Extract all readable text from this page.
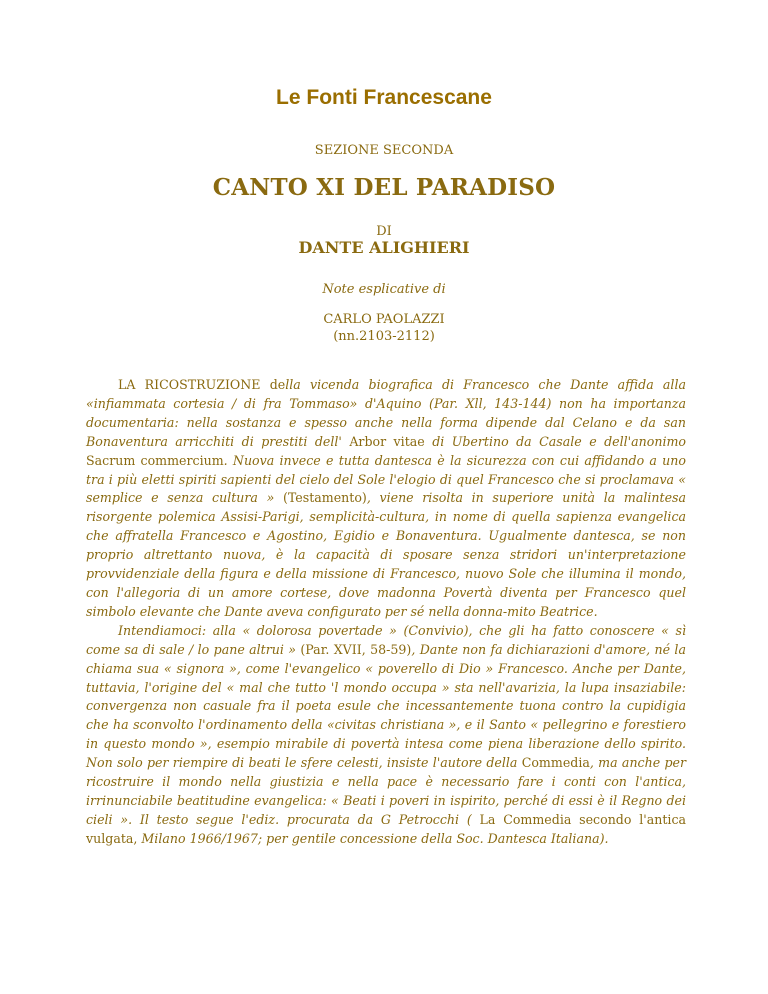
Le Fonti Francescane
SEZIONE SECONDA
CANTO XI DEL PARADISO
DI
DANTE ALIGHIERI
Note esplicative di
CARLO PAOLAZZI
(nn.2103-2112)

LA RICOSTRUZIONE della vicenda biografica di Francesco che Dante affida alla «infiammata cortesia / di fra Tommaso» d'Aquino (Par. Xll, 143-144) non ha importanza documentaria: nella sostanza e spesso anche nella forma dipende dal Celano e da san Bonaventura arricchiti di prestiti dell' Arbor vitae di Ubertino da Casale e dell'anonimo Sacrum commercium. Nuova invece e tutta dantesca è la sicurezza con cui affidando a uno tra i più eletti spiriti sapienti del cielo del Sole l'elogio di quel Francesco che si proclamava « semplice e senza cultura » (Testamento), viene risolta in superiore unità la malintesa risorgente polemica Assisi-Parigi, semplicità-cultura, in nome di quella sapienza evangelica che affratella Francesco e Agostino, Egidio e Bonaventura. Ugualmente dantesca, se non proprio altrettanto nuova, è la capacità di sposare senza stridori un'interpretazione provvidenziale della figura e della missione di Francesco, nuovo Sole che illumina il mondo, con l'allegoria di un amore cortese, dove madonna Povertà diventa per Francesco quel simbolo elevante che Dante aveva configurato per sé nella donna-mito Beatrice.

Intendiamoci: alla « dolorosa povertade » (Convivio), che gli ha fatto conoscere « sì come sa di sale / lo pane altrui » (Par. XVII, 58-59), Dante non fa dichiarazioni d'amore, né la chiama sua « signora », come l'evangelico « poverello di Dio » Francesco. Anche per Dante, tuttavia, l'origine del « mal che tutto 'l mondo occupa » sta nell'avarizia, la lupa insaziabile: convergenza non casuale fra il poeta esule che incessantemente tuona contro la cupidigia che ha sconvolto l'ordinamento della «civitas christiana », e il Santo « pellegrino e forestiero in questo mondo », esempio mirabile di povertà intesa come piena liberazione dello spirito. Non solo per riempire di beati le sfere celesti, insiste l'autore della Commedia, ma anche per ricostruire il mondo nella giustizia e nella pace è necessario fare i conti con l'antica, irrinunciabile beatitudine evangelica: « Beati i poveri in ispirito, perché di essi è il Regno dei cieli ». Il testo segue l'ediz. procurata da G Petrocchi ( La Commedia secondo l'antica vulgata, Milano 1966/1967; per gentile concessione della Soc. Dantesca Italiana).
